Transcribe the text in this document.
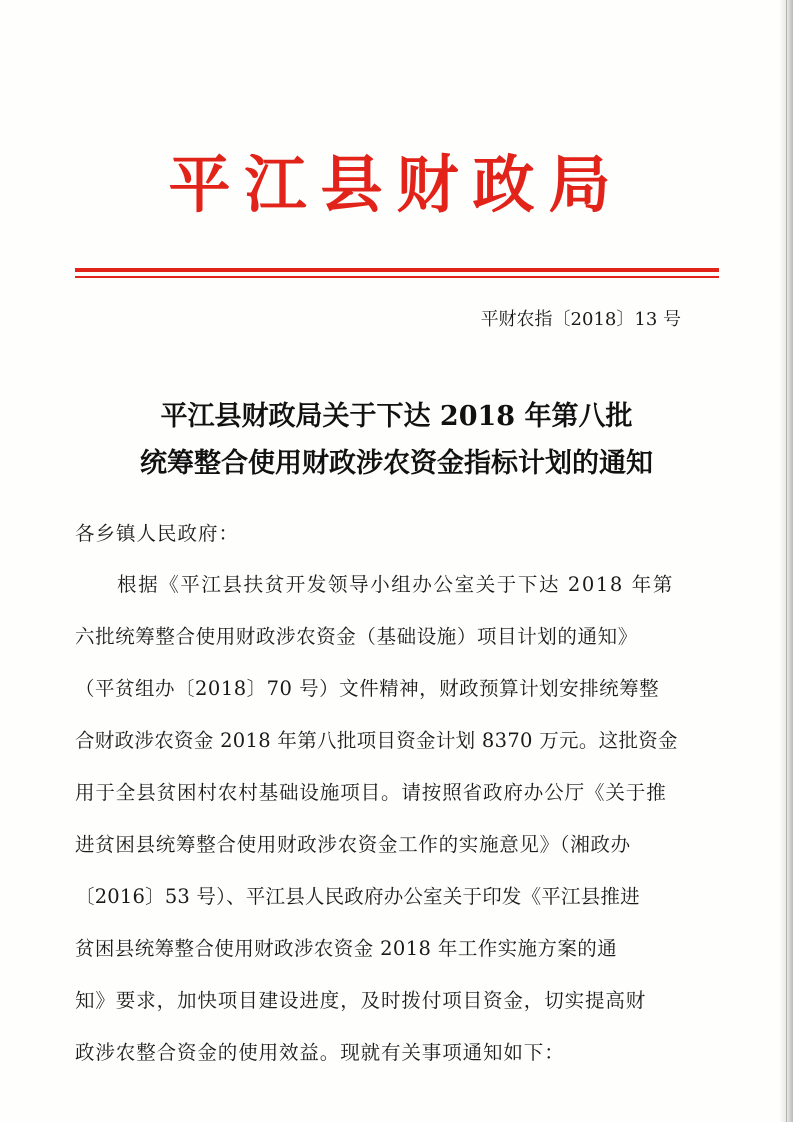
平江县财政局
平财农指〔2018〕13 号
平江县财政局关于下达 2018 年第八批
统筹整合使用财政涉农资金指标计划的通知
各乡镇人民政府：
根据《平江县扶贫开发领导小组办公室关于下达 2018 年第
六批统筹整合使用财政涉农资金（基础设施）项目计划的通知》
（平贫组办〔2018〕70 号）文件精神，财政预算计划安排统筹整
合财政涉农资金 2018 年第八批项目资金计划 8370 万元。这批资金
用于全县贫困村农村基础设施项目。请按照省政府办公厅《关于推
进贫困县统筹整合使用财政涉农资金工作的实施意见》（湘政办
〔2016〕53 号）、平江县人民政府办公室关于印发《平江县推进
贫困县统筹整合使用财政涉农资金 2018 年工作实施方案的通
知》要求，加快项目建设进度，及时拨付项目资金，切实提高财
政涉农整合资金的使用效益。现就有关事项通知如下：
